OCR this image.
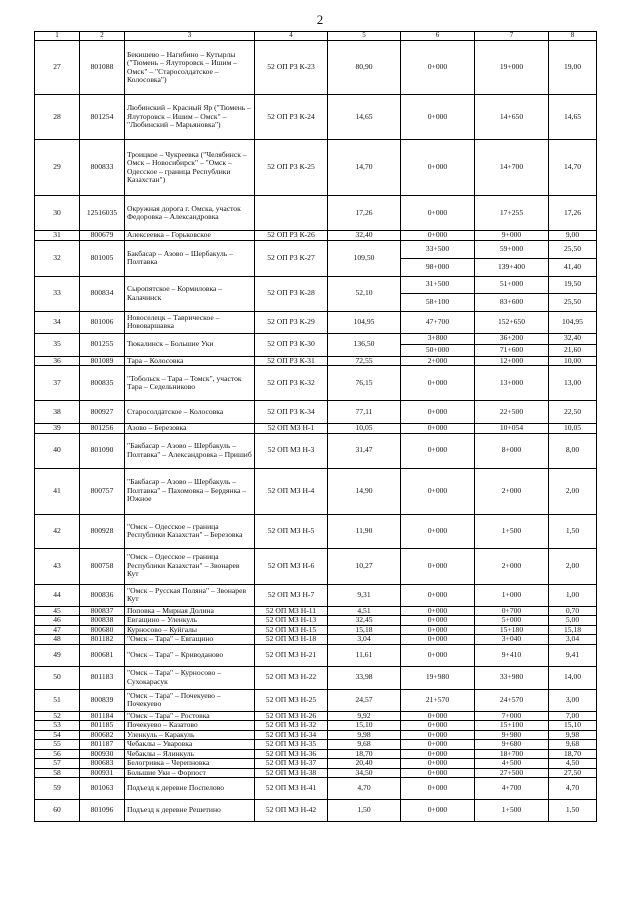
2
1	2	3	4	5	6	7	8
27	801088	Бекишево – Нагибино – Кутырлы ("Тюмень – Ялуторовск – Ишим – Омск" – "Старосолдатское – Колосовка")	52 ОП РЗ К-23	80,90	0+000	19+000	19,00
28	801254	Любинский – Красный Яр ("Тюмень – Ялуторовск – Ишим – Омск" – "Любинский – Марьяновка")	52 ОП РЗ К-24	14,65	0+000	14+650	14,65
29	800833	Троицкое – Чукреевка ("Челябинск – Омск – Новосибирск" – "Омск – Одесское – граница Республики Казахстан")	52 ОП РЗ К-25	14,70	0+000	14+700	14,70
30	12516035	Окружная дорога г. Омска, участок Федоровка – Александровка		17,26	0+000	17+255	17,26
31	800679	Алексеевка – Горьковское	52 ОП РЗ К-26	32,40	0+000	9+000	9,00
32	801005	Бакбасар – Азово – Шербакуль – Полтавка	52 ОП РЗ К-27	109,50	33+500	59+000	25,50
					98+000	139+400	41,40
33	800834	Сыропятское – Кормиловка – Калачинск	52 ОП РЗ К-28	52,10	31+500	51+000	19,50
					58+100	83+600	25,50
34	801006	Новоселецк – Таврическое – Нововаршавка	52 ОП РЗ К-29	104,95	47+700	152+650	104,95
35	801255	Тюкалинск – Большие Уки	52 ОП РЗ К-30	136,50	3+800	36+200	32,40
					50+000	71+600	21,60
36	801089	Тара – Колосовка	52 ОП РЗ К-31	72,55	2+000	12+000	10,00
37	800835	"Тобольск – Тара – Томск", участок Тара – Седельниково	52 ОП РЗ К-32	76,15	0+000	13+000	13,00
38	800927	Старосолдатское – Колосовка	52 ОП РЗ К-34	77,11	0+000	22+500	22,50
39	801256	Азово – Березовка	52 ОП МЗ Н-1	10,05	0+000	10+054	10,05
40	801090	"Бакбасар – Азово – Шербакуль – Полтавка" – Александровка – Пришиб	52 ОП МЗ Н-3	31,47	0+000	8+000	8,00
41	800757	"Бакбасар – Азово – Шербакуль – Полтавка" – Пахомовка – Бердянка – Южное	52 ОП МЗ Н-4	14,90	0+000	2+000	2,00
42	800928	"Омск – Одесское – граница Республики Казахстан" – Березовка	52 ОП МЗ Н-5	11,90	0+000	1+500	1,50
43	800758	"Омск – Одесское – граница Республики Казахстан" – Звонарев Кут	52 ОП МЗ Н-6	10,27	0+000	2+000	2,00
44	800836	"Омск – Русская Поляна" – Звонарев Кут	52 ОП МЗ Н-7	9,31	0+000	1+000	1,00
45	800837	Поповка – Мирная Долина	52 ОП МЗ Н-11	4,51	0+000	0+700	0,70
46	800838	Евгащино – Уленкуль	52 ОП МЗ Н-13	32,45	0+000	5+000	5,00
47	800680	Курносово – Куйгалы	52 ОП МЗ Н-15	15,18	0+000	15+180	15,18
48	801182	"Омск – Тара" – Евгащино	52 ОП МЗ Н-18	3,04	0+000	3+040	3,04
49	800681	"Омск – Тара" – Криводаново	52 ОП МЗ Н-21	11,61	0+000	9+410	9,41
50	801183	"Омск – Тара" – Курносово – Сухокарасук	52 ОП МЗ Н-22	33,98	19+980	33+980	14,00
51	800839	"Омск – Тара" – Почекуево – Почекуево	52 ОП МЗ Н-25	24,57	21+570	24+570	3,00
52	801184	"Омск – Тара" – Ростовка	52 ОП МЗ Н-26	9,92	0+000	7+000	7,00
53	801185	Почекуево – Казатово	52 ОП МЗ Н-32	15,10	0+000	15+100	15,10
54	800682	Уленкуль – Каракуль	52 ОП МЗ Н-34	9,98	0+000	9+980	9,98
55	801187	Чебаклы – Уваровка	52 ОП МЗ Н-35	9,68	0+000	9+680	9,68
56	800930	Чебаклы – Ялинкуль	52 ОП МЗ Н-36	18,70	0+000	18+700	18,70
57	800683	Белогривка – Черепновка	52 ОП МЗ Н-37	20,40	0+000	4+500	4,50
58	800931	Большие Уки – Форпост	52 ОП МЗ Н-38	34,50	0+000	27+500	27,50
59	801063	Подъезд к деревне Поспелово	52 ОП МЗ Н-41	4,70	0+000	4+700	4,70
60	801096	Подъезд к деревне Решетино	52 ОП МЗ Н-42	1,50	0+000	1+500	1,50
